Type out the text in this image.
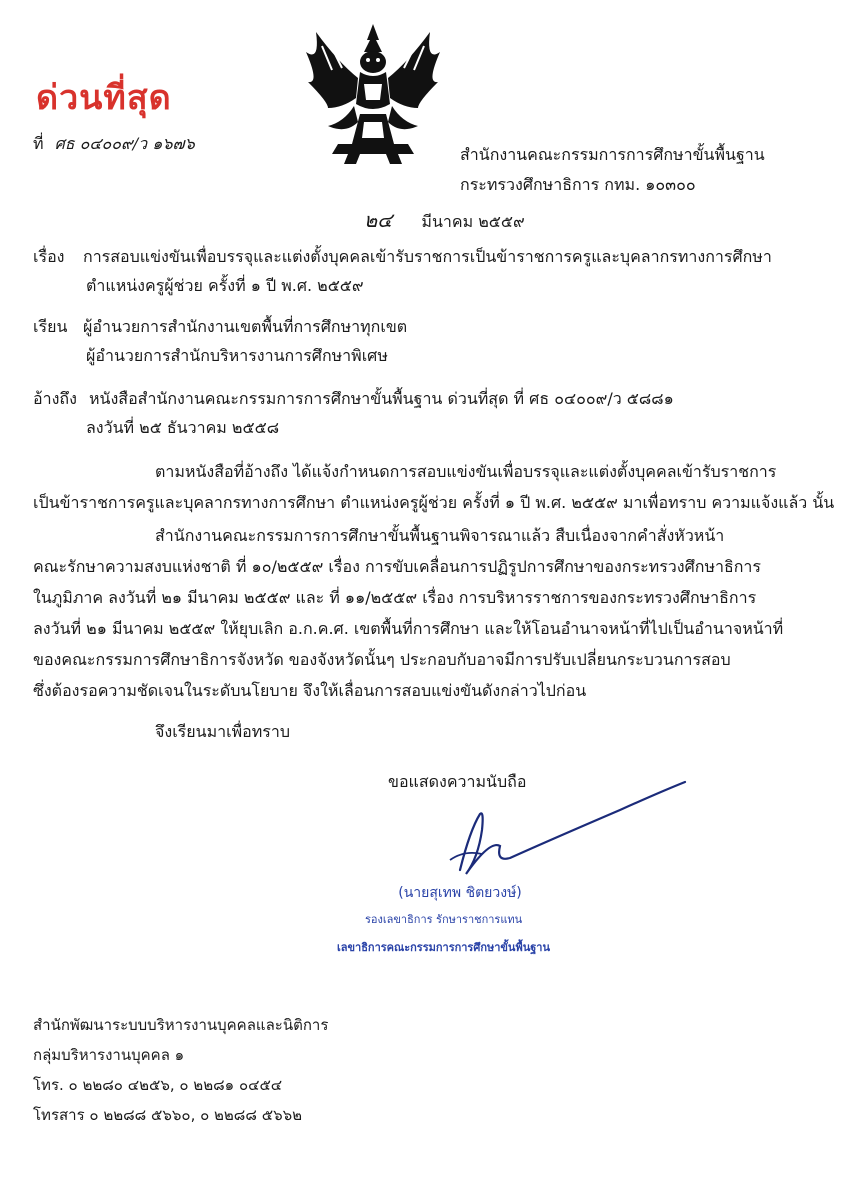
ด่วนที่สุด
ที่ ศธ ๐๔๐๐๙/ว ๑๖๗๖
สำนักงานคณะกรรมการการศึกษาขั้นพื้นฐาน
กระทรวงศึกษาธิการ กทม. ๑๐๓๐๐
๒๔ มีนาคม ๒๕๕๙
เรื่อง การสอบแข่งขันเพื่อบรรจุและแต่งตั้งบุคคลเข้ารับราชการเป็นข้าราชการครูและบุคลากรทางการศึกษา
ตำแหน่งครูผู้ช่วย ครั้งที่ ๑ ปี พ.ศ. ๒๕๕๙
เรียน ผู้อำนวยการสำนักงานเขตพื้นที่การศึกษาทุกเขต
ผู้อำนวยการสำนักบริหารงานการศึกษาพิเศษ
อ้างถึง หนังสือสำนักงานคณะกรรมการการศึกษาขั้นพื้นฐาน ด่วนที่สุด ที่ ศธ ๐๔๐๐๙/ว ๕๘๘๑
ลงวันที่ ๒๕ ธันวาคม ๒๕๕๘
ตามหนังสือที่อ้างถึง ได้แจ้งกำหนดการสอบแข่งขันเพื่อบรรจุและแต่งตั้งบุคคลเข้ารับราชการ
เป็นข้าราชการครูและบุคลากรทางการศึกษา ตำแหน่งครูผู้ช่วย ครั้งที่ ๑ ปี พ.ศ. ๒๕๕๙ มาเพื่อทราบ ความแจ้งแล้ว นั้น
สำนักงานคณะกรรมการการศึกษาขั้นพื้นฐานพิจารณาแล้ว สืบเนื่องจากคำสั่งหัวหน้า
คณะรักษาความสงบแห่งชาติ ที่ ๑๐/๒๕๕๙ เรื่อง การขับเคลื่อนการปฏิรูปการศึกษาของกระทรวงศึกษาธิการ
ในภูมิภาค ลงวันที่ ๒๑ มีนาคม ๒๕๕๙ และ ที่ ๑๑/๒๕๕๙ เรื่อง การบริหารราชการของกระทรวงศึกษาธิการ
ลงวันที่ ๒๑ มีนาคม ๒๕๕๙ ให้ยุบเลิก อ.ก.ค.ศ. เขตพื้นที่การศึกษา และให้โอนอำนาจหน้าที่ไปเป็นอำนาจหน้าที่
ของคณะกรรมการศึกษาธิการจังหวัด ของจังหวัดนั้นๆ ประกอบกับอาจมีการปรับเปลี่ยนกระบวนการสอบ
ซึ่งต้องรอความชัดเจนในระดับนโยบาย จึงให้เลื่อนการสอบแข่งขันดังกล่าวไปก่อน
จึงเรียนมาเพื่อทราบ
ขอแสดงความนับถือ
(นายสุเทพ ชิตยวงษ์)
รองเลขาธิการ รักษาราชการแทน
เลขาธิการคณะกรรมการการศึกษาขั้นพื้นฐาน
สำนักพัฒนาระบบบริหารงานบุคคลและนิติการ
กลุ่มบริหารงานบุคคล ๑
โทร. ๐ ๒๒๘๐ ๔๒๕๖, ๐ ๒๒๘๑ ๐๔๕๔
โทรสาร ๐ ๒๒๘๘ ๕๖๖๐, ๐ ๒๒๘๘ ๕๖๖๒
